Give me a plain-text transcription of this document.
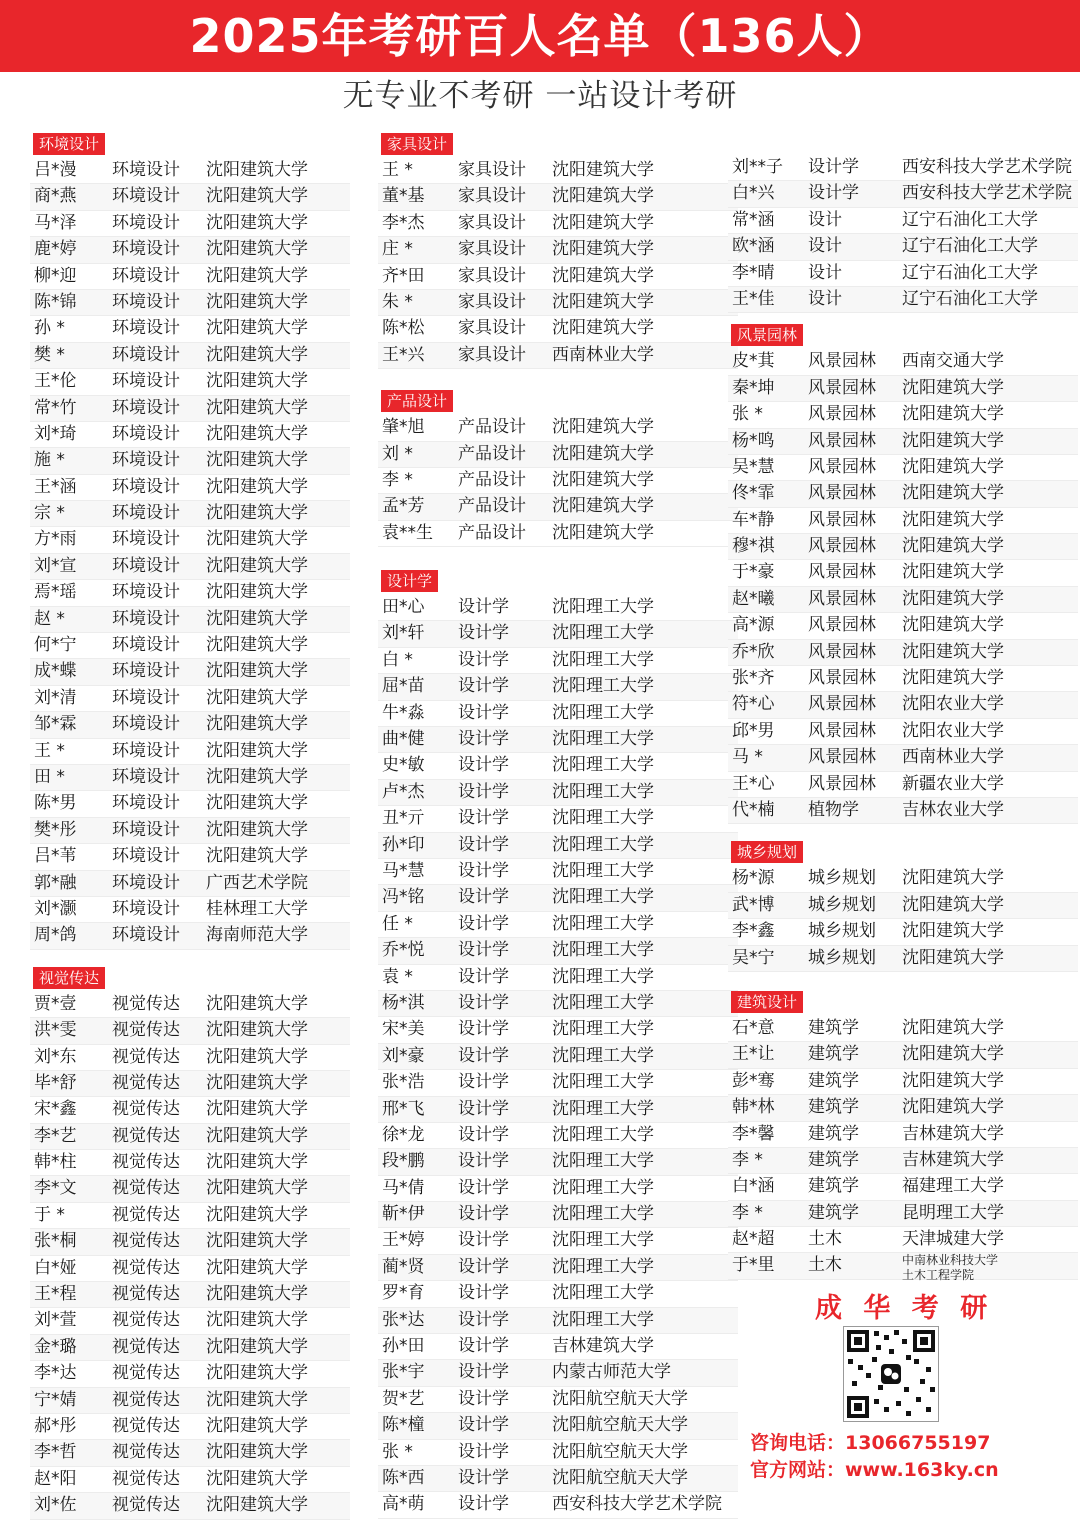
2025年考研百人名单（136人）
无专业不考研 一站设计考研
环境设计
吕*漫 环境设计 沈阳建筑大学
商*燕 环境设计 沈阳建筑大学
马*泽 环境设计 沈阳建筑大学
鹿*婷 环境设计 沈阳建筑大学
柳*迎 环境设计 沈阳建筑大学
陈*锦 环境设计 沈阳建筑大学
孙 *	环境设计 沈阳建筑大学
樊 *	环境设计 沈阳建筑大学
王*伦 环境设计 沈阳建筑大学
常*竹 环境设计 沈阳建筑大学
刘*琦 环境设计 沈阳建筑大学
施 *	环境设计 沈阳建筑大学
王*涵 环境设计 沈阳建筑大学
宗 *	环境设计 沈阳建筑大学
方*雨 环境设计 沈阳建筑大学
刘*宣 环境设计 沈阳建筑大学
焉*瑶 环境设计 沈阳建筑大学
赵 *	环境设计 沈阳建筑大学
何*宁 环境设计 沈阳建筑大学
成*蝶 环境设计 沈阳建筑大学
刘*清 环境设计 沈阳建筑大学
邹*霖 环境设计 沈阳建筑大学
王 *	环境设计 沈阳建筑大学
田 *	环境设计 沈阳建筑大学
陈*男 环境设计 沈阳建筑大学
樊*彤 环境设计 沈阳建筑大学
吕*苇 环境设计 沈阳建筑大学
郭*融 环境设计 广西艺术学院
刘*灏 环境设计 桂林理工大学
周*鸽 环境设计 海南师范大学
视觉传达
贾*壹 视觉传达 沈阳建筑大学
洪*雯 视觉传达 沈阳建筑大学
刘*东 视觉传达 沈阳建筑大学
毕*舒 视觉传达 沈阳建筑大学
宋*鑫 视觉传达 沈阳建筑大学
李*艺 视觉传达 沈阳建筑大学
韩*柱 视觉传达 沈阳建筑大学
李*文 视觉传达 沈阳建筑大学
于 *	视觉传达 沈阳建筑大学
张*桐 视觉传达 沈阳建筑大学
白*娅 视觉传达 沈阳建筑大学
王*程 视觉传达 沈阳建筑大学
刘*萱 视觉传达 沈阳建筑大学
金*璐 视觉传达 沈阳建筑大学
李*达 视觉传达 沈阳建筑大学
宁*婧 视觉传达 沈阳建筑大学
郝*彤 视觉传达 沈阳建筑大学
李*哲 视觉传达 沈阳建筑大学
赵*阳 视觉传达 沈阳建筑大学
刘*佐 视觉传达 沈阳建筑大学
家具设计
王 *	家具设计 沈阳建筑大学
董*基 家具设计 沈阳建筑大学
李*杰 家具设计 沈阳建筑大学
庄 *	家具设计 沈阳建筑大学
齐*田 家具设计 沈阳建筑大学
朱 *	家具设计 沈阳建筑大学
陈*松 家具设计 沈阳建筑大学
王*兴 家具设计 西南林业大学
产品设计
肇*旭 产品设计 沈阳建筑大学
刘 *	产品设计 沈阳建筑大学
李 *	产品设计 沈阳建筑大学
孟*芳 产品设计 沈阳建筑大学
袁**生 产品设计 沈阳建筑大学
设计学
田*心 设计学	沈阳理工大学
刘*轩 设计学	沈阳理工大学
白 *	设计学	沈阳理工大学
屈*苗 设计学	沈阳理工大学
牛*淼 设计学	沈阳理工大学
曲*健 设计学	沈阳理工大学
史*敏 设计学	沈阳理工大学
卢*杰 设计学	沈阳理工大学
丑*亓 设计学	沈阳理工大学
孙*印 设计学	沈阳理工大学
马*慧 设计学	沈阳理工大学
冯*铭 设计学	沈阳理工大学
任 *	设计学	沈阳理工大学
乔*悦 设计学	沈阳理工大学
袁 *	设计学	沈阳理工大学
杨*淇 设计学	沈阳理工大学
宋*美 设计学	沈阳理工大学
刘*豪 设计学	沈阳理工大学
张*浩 设计学	沈阳理工大学
邢*飞 设计学	沈阳理工大学
徐*龙 设计学	沈阳理工大学
段*鹏 设计学	沈阳理工大学
马*倩 设计学	沈阳理工大学
靳*伊 设计学	沈阳理工大学
王*婷 设计学	沈阳理工大学
蔺*贤 设计学	沈阳理工大学
罗*育 设计学	沈阳理工大学
张*达 设计学	沈阳理工大学
孙*田 设计学	吉林建筑大学
张*宇 设计学	内蒙古师范大学
贺*艺 设计学	沈阳航空航天大学
陈*橦 设计学	沈阳航空航天大学
张 *	设计学	沈阳航空航天大学
陈*西 设计学	沈阳航空航天大学
高*萌 设计学	西安科技大学艺术学院
刘**子 设计学	西安科技大学艺术学院
白*兴 设计学	西安科技大学艺术学院
常*涵 设计	辽宁石油化工大学
欧*涵 设计	辽宁石油化工大学
李*晴 设计	辽宁石油化工大学
王*佳 设计	辽宁石油化工大学
风景园林
皮*萁 风景园林 西南交通大学
秦*坤 风景园林 沈阳建筑大学
张 *	风景园林 沈阳建筑大学
杨*鸣 风景园林 沈阳建筑大学
吴*慧 风景园林 沈阳建筑大学
佟*霏 风景园林 沈阳建筑大学
车*静 风景园林 沈阳建筑大学
穆*祺 风景园林 沈阳建筑大学
于*豪 风景园林 沈阳建筑大学
赵*曦 风景园林 沈阳建筑大学
高*源 风景园林 沈阳建筑大学
乔*欣 风景园林 沈阳建筑大学
张*齐 风景园林 沈阳建筑大学
符*心 风景园林 沈阳农业大学
邱*男 风景园林 沈阳农业大学
马 *	风景园林 西南林业大学
王*心 风景园林 新疆农业大学
代*楠 植物学	吉林农业大学
城乡规划
杨*源 城乡规划 沈阳建筑大学
武*博 城乡规划 沈阳建筑大学
李*鑫 城乡规划 沈阳建筑大学
吴*宁 城乡规划 沈阳建筑大学
建筑设计
石*意 建筑学	沈阳建筑大学
王*让 建筑学	沈阳建筑大学
彭*骞 建筑学	沈阳建筑大学
韩*林 建筑学	沈阳建筑大学
李*馨 建筑学	吉林建筑大学
李 *	建筑学	吉林建筑大学
白*涵 建筑学	福建理工大学
李 *	建筑学	昆明理工大学
赵*超 土木	天津城建大学
于*里 土木	中南林业科技大学
土木工程学院
成 华 考 研
咨询电话：13066755197
官方网站：www.163ky.cn
